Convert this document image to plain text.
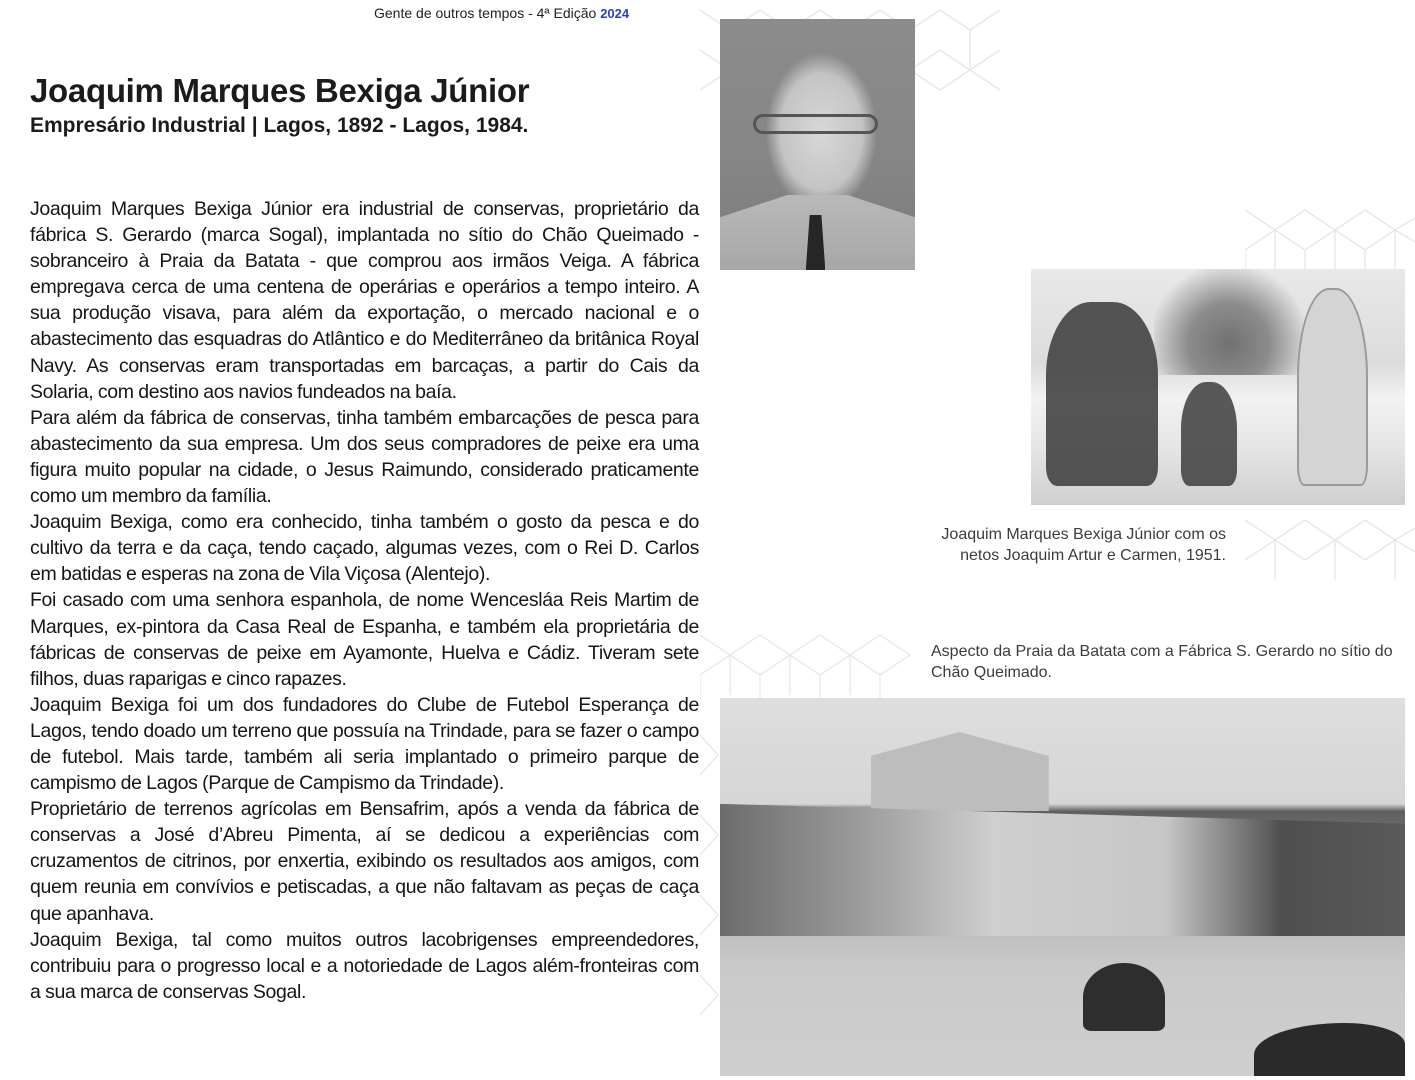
Gente de outros tempos - 4ª Edição 2024
Joaquim Marques Bexiga Júnior
Empresário Industrial | Lagos, 1892 - Lagos, 1984.

Joaquim Marques Bexiga Júnior era industrial de conservas, proprietário da fábrica S. Gerardo (marca Sogal), implantada no sítio do Chão Queimado - sobranceiro à Praia da Batata - que comprou aos irmãos Veiga. A fábrica empregava cerca de uma centena de operárias e operários a tempo inteiro. A sua produção visava, para além da exportação, o mercado nacional e o abastecimento das esquadras do Atlântico e do Mediterrâneo da britânica Royal Navy. As conservas eram transportadas em barcaças, a partir do Cais da Solaria, com destino aos navios fundeados na baía.

Para além da fábrica de conservas, tinha também embarcações de pesca para abastecimento da sua empresa. Um dos seus compradores de peixe era uma figura muito popular na cidade, o Jesus Raimundo, considerado praticamente como um membro da família.

Joaquim Bexiga, como era conhecido, tinha também o gosto da pesca e do cultivo da terra e da caça, tendo caçado, algumas vezes, com o Rei D. Carlos em batidas e esperas na zona de Vila Viçosa (Alentejo).

Foi casado com uma senhora espanhola, de nome Wencesláa Reis Martim de Marques, ex-pintora da Casa Real de Espanha, e também ela proprietária de fábricas de conservas de peixe em Ayamonte, Huelva e Cádiz. Tiveram sete filhos, duas raparigas e cinco rapazes.

Joaquim Bexiga foi um dos fundadores do Clube de Futebol Esperança de Lagos, tendo doado um terreno que possuía na Trindade, para se fazer o campo de futebol. Mais tarde, também ali seria implantado o primeiro parque de campismo de Lagos (Parque de Campismo da Trindade).

Proprietário de terrenos agrícolas em Bensafrim, após a venda da fábrica de conservas a José d’Abreu Pimenta, aí se dedicou a experiências com cruzamentos de citrinos, por enxertia, exibindo os resultados aos amigos, com quem reunia em convívios e petiscadas, a que não faltavam as peças de caça que apanhava.

Joaquim Bexiga, tal como muitos outros lacobrigenses empreendedores, contribuiu para o progresso local e a notoriedade de Lagos além-fronteiras com a sua marca de conservas Sogal.

Joaquim Marques Bexiga Júnior com os
netos Joaquim Artur e Carmen, 1951.
Aspecto da Praia da Batata com a Fábrica S. Gerardo no sítio do Chão Queimado.
